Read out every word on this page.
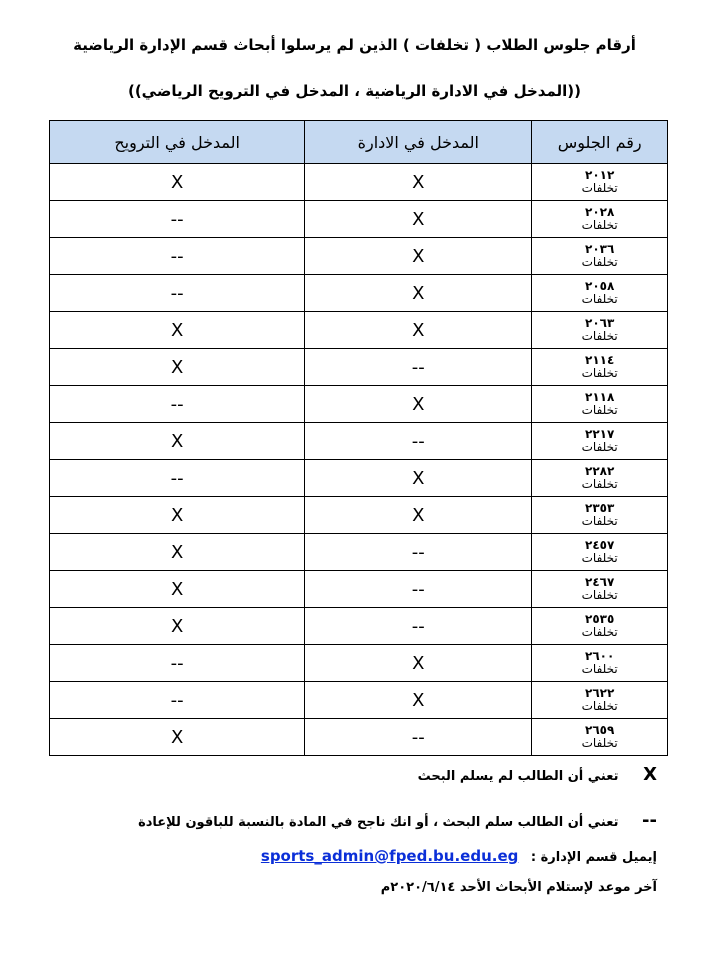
أرقام جلوس الطلاب ( تخلفات ) الذين لم يرسلوا أبحاث قسم الإدارة الرياضية
((المدخل في الادارة الرياضية ، المدخل في الترويح الرياضي))
رقم الجلوس	المدخل في الادارة	المدخل في الترويح

٢٠١٢
تخلفات	X	X

٢٠٢٨
تخلفات	X	--

٢٠٣٦
تخلفات	X	--

٢٠٥٨
تخلفات	X	--

٢٠٦٣
تخلفات	X	X

٢١١٤
تخلفات	--	X

٢١١٨
تخلفات	X	--

٢٢١٧
تخلفات	--	X

٢٢٨٢
تخلفات	X	--

٢٣٥٣
تخلفات	X	X

٢٤٥٧
تخلفات	--	X

٢٤٦٧
تخلفات	--	X

٢٥٣٥
تخلفات	--	X

٢٦٠٠
تخلفات	X	--

٢٦٢٢
تخلفات	X	--

٢٦٥٩
تخلفات	--	X
X تعني أن الطالب لم يسلم البحث
-- تعني أن الطالب سلم البحث ، أو انك ناجح في المادة بالنسبة للباقون للإعادة
إيميل قسم الإدارة : sports_admin@fped.bu.edu.eg
آخر موعد لإستلام الأبحاث الأحد ٢٠٢٠/٦/١٤م
